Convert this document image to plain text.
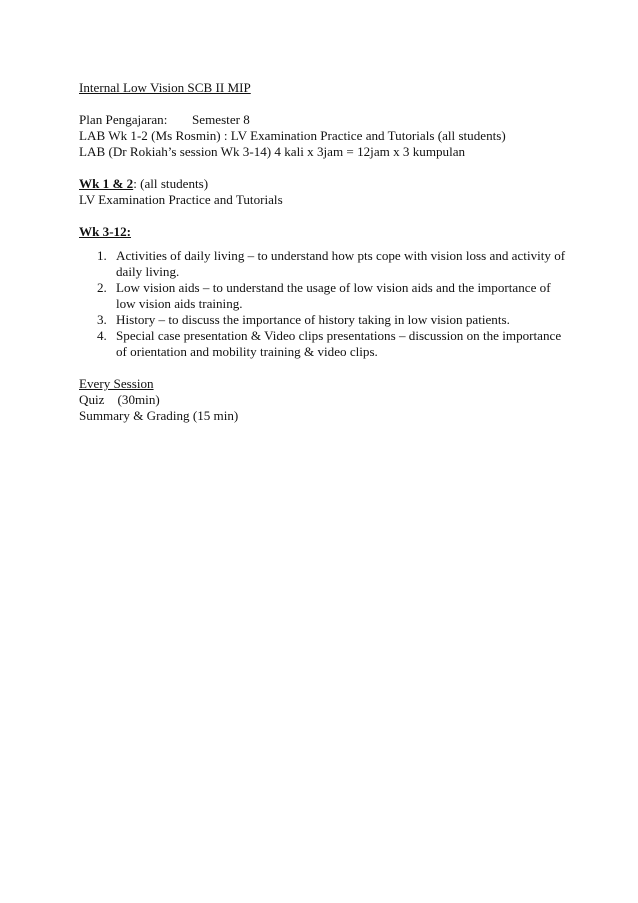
Internal Low Vision SCB II MIP
Plan Pengajaran: Semester 8
LAB Wk 1-2 (Ms Rosmin) : LV Examination Practice and Tutorials (all students)
LAB (Dr Rokiah’s session Wk 3-14) 4 kali x 3jam = 12jam x 3 kumpulan
Wk 1 & 2: (all students)
LV Examination Practice and Tutorials
Wk 3-12:
1. Activities of daily living – to understand how pts cope with vision loss and activity of
daily living.
2. Low vision aids – to understand the usage of low vision aids and the importance of
low vision aids training.
3. History – to discuss the importance of history taking in low vision patients.
4. Special case presentation & Video clips presentations – discussion on the importance
of orientation and mobility training & video clips.
Every Session
Quiz    (30min)
Summary & Grading (15 min)
